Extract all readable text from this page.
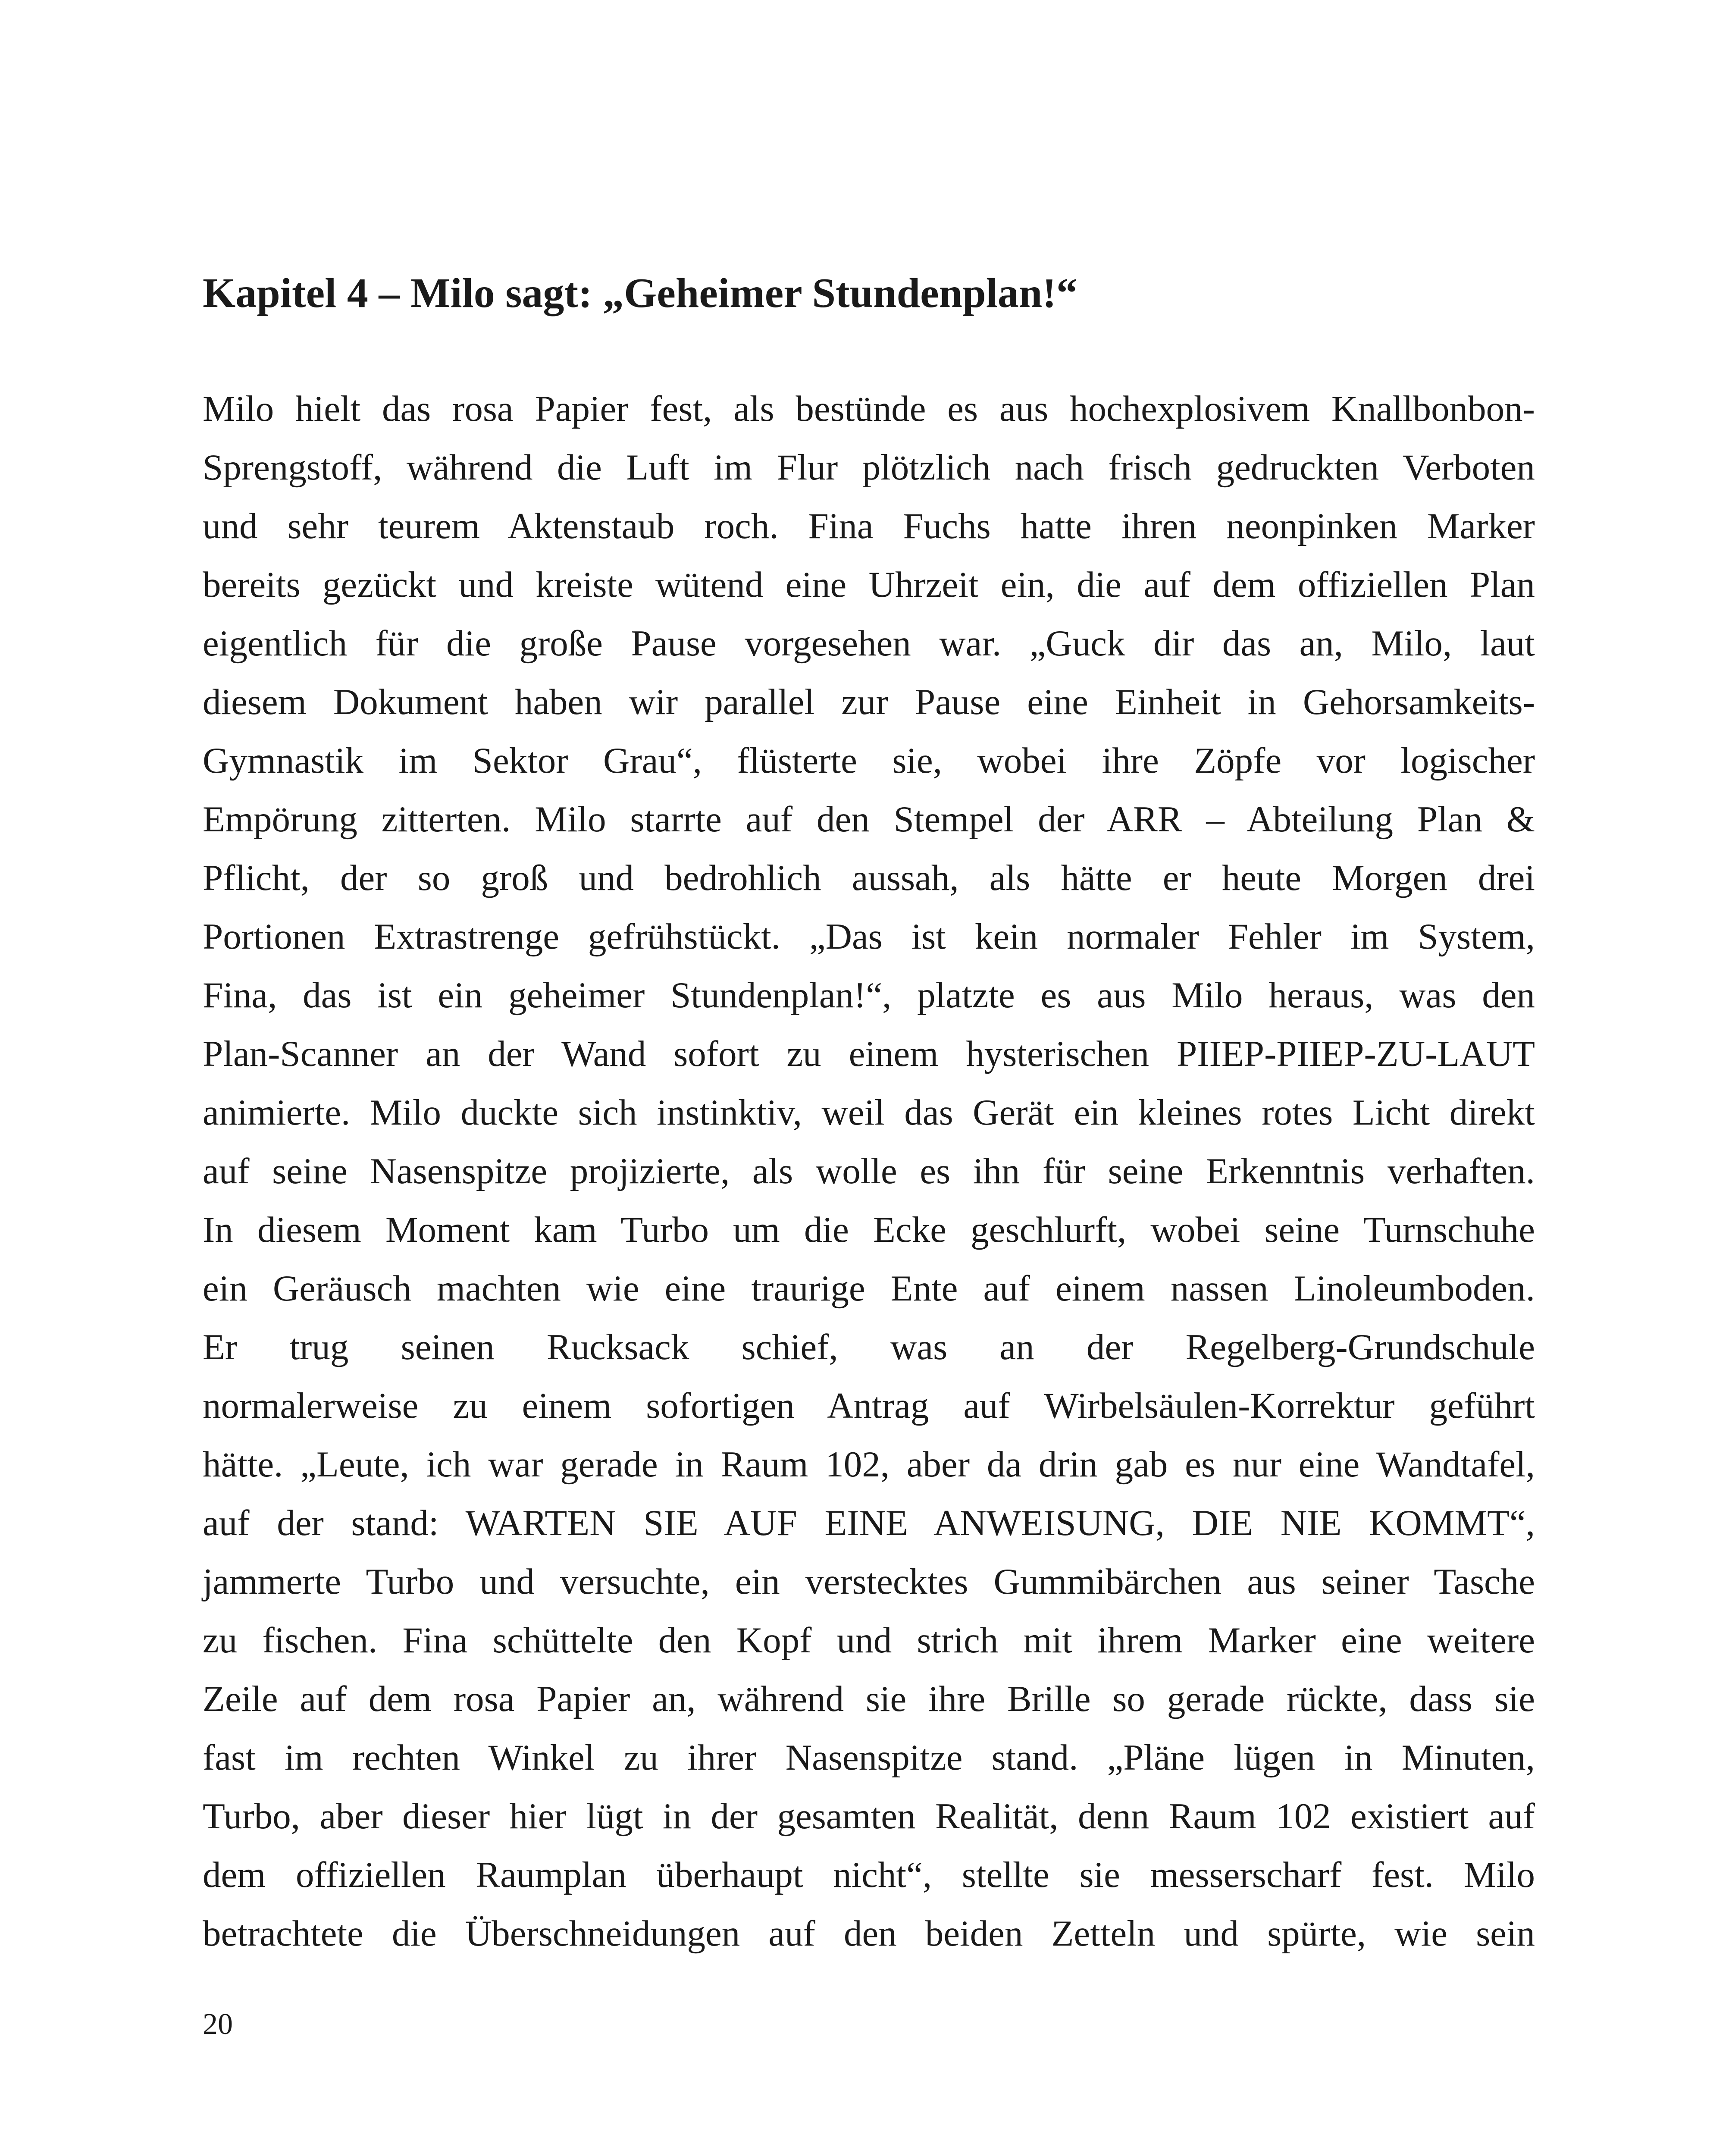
Kapitel 4 – Milo sagt: „Geheimer Stundenplan!“
Milo hielt das rosa Papier fest, als bestünde es aus hochexplosivem Knallbonbon-
Sprengstoff, während die Luft im Flur plötzlich nach frisch gedruckten Verboten
und sehr teurem Aktenstaub roch. Fina Fuchs hatte ihren neonpinken Marker
bereits gezückt und kreiste wütend eine Uhrzeit ein, die auf dem offiziellen Plan
eigentlich für die große Pause vorgesehen war. „Guck dir das an, Milo, laut
diesem Dokument haben wir parallel zur Pause eine Einheit in Gehorsamkeits-
Gymnastik im Sektor Grau“, flüsterte sie, wobei ihre Zöpfe vor logischer
Empörung zitterten. Milo starrte auf den Stempel der ARR – Abteilung Plan &
Pflicht, der so groß und bedrohlich aussah, als hätte er heute Morgen drei
Portionen Extrastrenge gefrühstückt. „Das ist kein normaler Fehler im System,
Fina, das ist ein geheimer Stundenplan!“, platzte es aus Milo heraus, was den
Plan-Scanner an der Wand sofort zu einem hysterischen PIIEP-PIIEP-ZU-LAUT
animierte. Milo duckte sich instinktiv, weil das Gerät ein kleines rotes Licht direkt
auf seine Nasenspitze projizierte, als wolle es ihn für seine Erkenntnis verhaften.
In diesem Moment kam Turbo um die Ecke geschlurft, wobei seine Turnschuhe
ein Geräusch machten wie eine traurige Ente auf einem nassen Linoleumboden.
Er trug seinen Rucksack schief, was an der Regelberg-Grundschule
normalerweise zu einem sofortigen Antrag auf Wirbelsäulen-Korrektur geführt
hätte. „Leute, ich war gerade in Raum 102, aber da drin gab es nur eine Wandtafel,
auf der stand: WARTEN SIE AUF EINE ANWEISUNG, DIE NIE KOMMT“,
jammerte Turbo und versuchte, ein verstecktes Gummibärchen aus seiner Tasche
zu fischen. Fina schüttelte den Kopf und strich mit ihrem Marker eine weitere
Zeile auf dem rosa Papier an, während sie ihre Brille so gerade rückte, dass sie
fast im rechten Winkel zu ihrer Nasenspitze stand. „Pläne lügen in Minuten,
Turbo, aber dieser hier lügt in der gesamten Realität, denn Raum 102 existiert auf
dem offiziellen Raumplan überhaupt nicht“, stellte sie messerscharf fest. Milo
betrachtete die Überschneidungen auf den beiden Zetteln und spürte, wie sein
20
